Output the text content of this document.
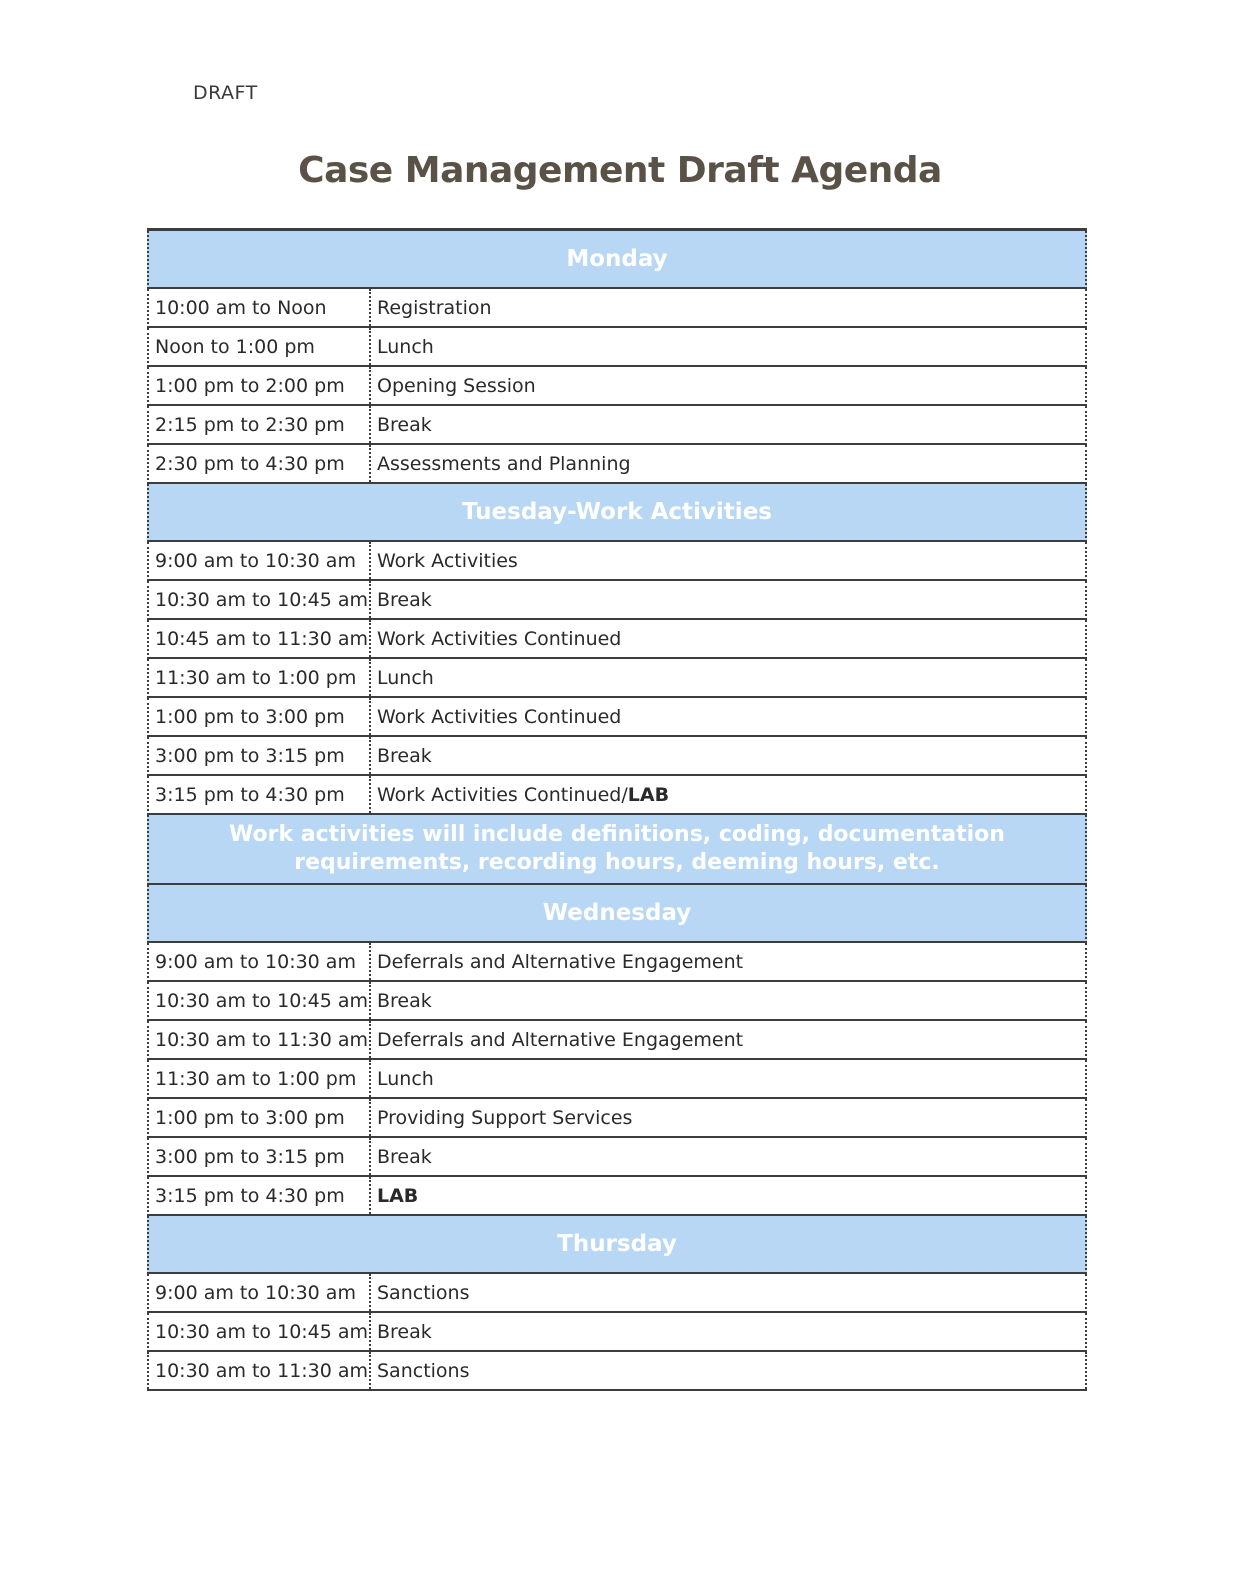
DRAFT
Case Management Draft Agenda
Monday
10:00 am to Noon	Registration
Noon to 1:00 pm	Lunch
1:00 pm to 2:00 pm	Opening Session
2:15 pm to 2:30 pm	Break
2:30 pm to 4:30 pm	Assessments and Planning
Tuesday-Work Activities
9:00 am to 10:30 am	Work Activities
10:30 am to 10:45 am Break
10:45 am to 11:30 am Work Activities Continued
11:30 am to 1:00 pm	Lunch
1:00 pm to 3:00 pm	Work Activities Continued
3:00 pm to 3:15 pm	Break
3:15 pm to 4:30 pm	Work Activities Continued/ LAB
Work activities will include definitions, coding, documentation requirements, recording hours, deeming hours, etc.
Wednesday
9:00 am to 10:30 am	Deferrals and Alternative Engagement
10:30 am to 10:45 am Break
10:30 am to 11:30 am Deferrals and Alternative Engagement
11:30 am to 1:00 pm	Lunch
1:00 pm to 3:00 pm	Providing Support Services
3:00 pm to 3:15 pm	Break
3:15 pm to 4:30 pm	LAB
Thursday
9:00 am to 10:30 am	Sanctions
10:30 am to 10:45 am Break
10:30 am to 11:30 am Sanctions
